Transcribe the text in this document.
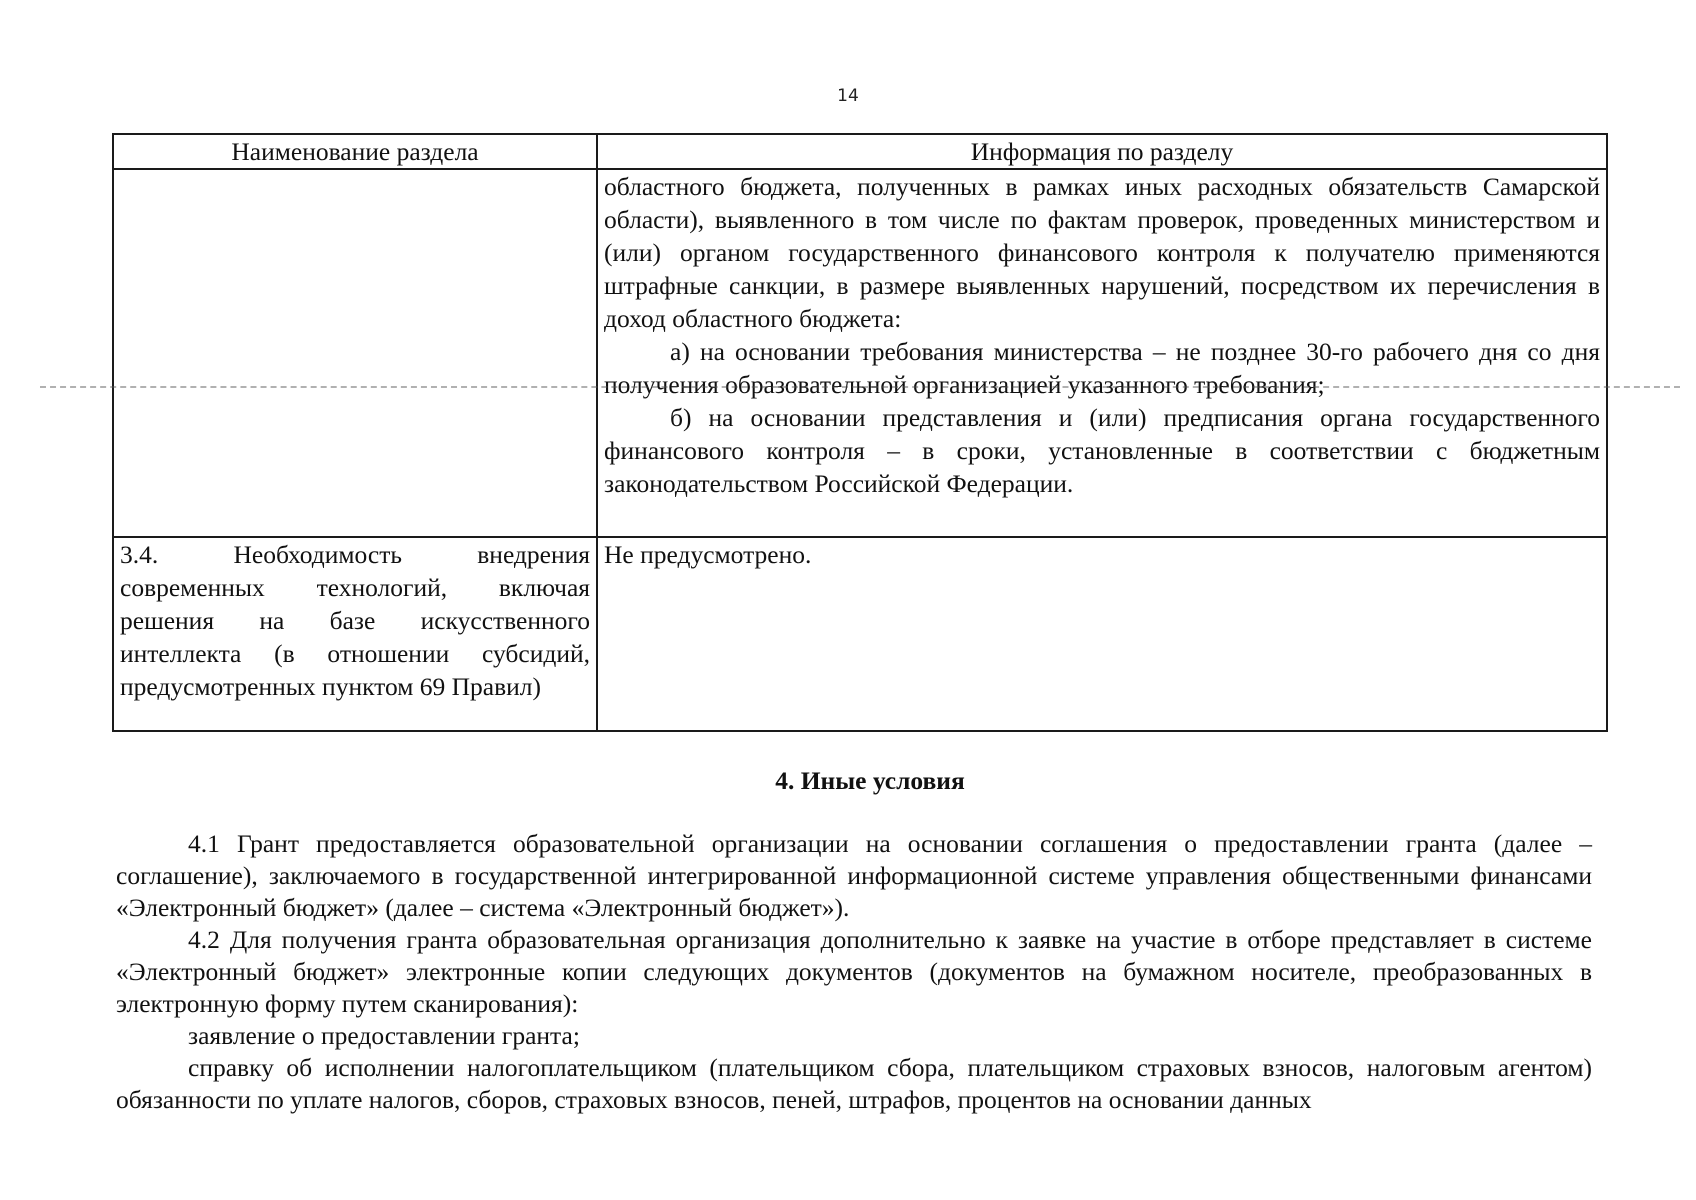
14
Наименование раздела	Информация по разделу

	областного бюджета, полученных в рамках иных расходных обязательств Самарской области), выявленного в том числе по фактам проверок, проведенных министерством и (или) органом государственного финансового контроля к получателю применяются штрафные санкции, в размере выявленных нарушений, посредством их перечисления в доход областного бюджета:

а) на основании требования министерства – не позднее 30-го рабочего дня со дня получения образовательной организацией указанного требования;

б) на основании представления и (или) предписания органа государственного финансового контроля – в сроки, установленные в соответствии с бюджетным законодательством Российской Федерации.

3.4. Необходимость внедрения современных технологий, включая решения на базе искусственного интеллекта (в отношении субсидий, предусмотренных пунктом 69 Правил)	Не предусмотрено.
4. Иные условия

4.1 Грант предоставляется образовательной организации на основании соглашения о предоставлении гранта (далее – соглашение), заключаемого в государственной интегрированной информационной системе управления общественными финансами «Электронный бюджет» (далее – система «Электронный бюджет»).

4.2 Для получения гранта образовательная организация дополнительно к заявке на участие в отборе представляет в системе «Электронный бюджет» электронные копии следующих документов (документов на бумажном носителе, преобразованных в электронную форму путем сканирования):

заявление о предоставлении гранта;

справку об исполнении налогоплательщиком (плательщиком сбора, плательщиком страховых взносов, налоговым агентом) обязанности по уплате налогов, сборов, страховых взносов, пеней, штрафов, процентов на основании данных
